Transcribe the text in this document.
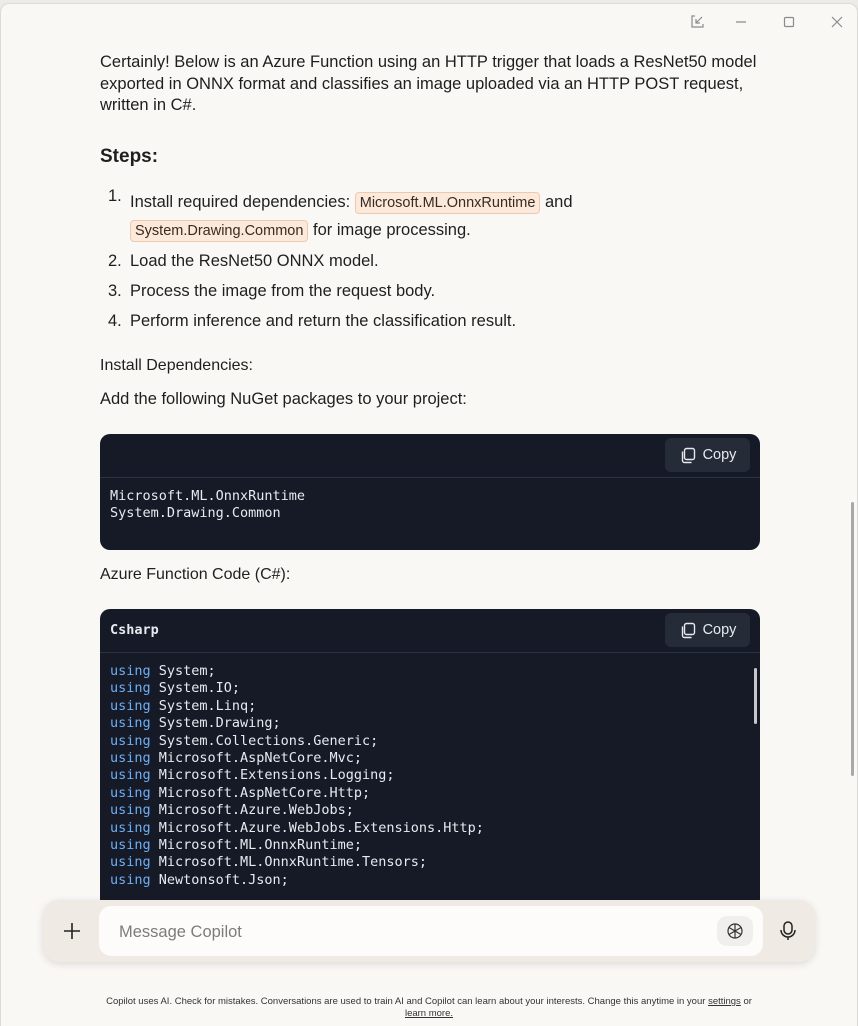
Certainly! Below is an Azure Function using an HTTP trigger that loads a ResNet50 model exported in ONNX format and classifies an image uploaded via an HTTP POST request, written in C#.

Steps:
1. Install required dependencies: Microsoft.ML.OnnxRuntime and
System.Drawing.Common for image processing.
2. Load the ResNet50 ONNX model.
3. Process the image from the request body.
4. Perform inference and return the classification result.
Install Dependencies:
Add the following NuGet packages to your project:
Copy
Microsoft.ML.OnnxRuntime
System.Drawing.Common
Azure Function Code (C#):
Csharp	Copy
using System;
using System.IO;
using System.Linq;
using System.Drawing;
using System.Collections.Generic;
using Microsoft.AspNetCore.Mvc;
using Microsoft.Extensions.Logging;
using Microsoft.AspNetCore.Http;
using Microsoft.Azure.WebJobs;
using Microsoft.Azure.WebJobs.Extensions.Http;
using Microsoft.ML.OnnxRuntime;
using Microsoft.ML.OnnxRuntime.Tensors;
using Newtonsoft.Json;
Message Copilot
Copilot uses AI. Check for mistakes. Conversations are used to train AI and Copilot can learn about your interests. Change this anytime in your settings or
learn more.
